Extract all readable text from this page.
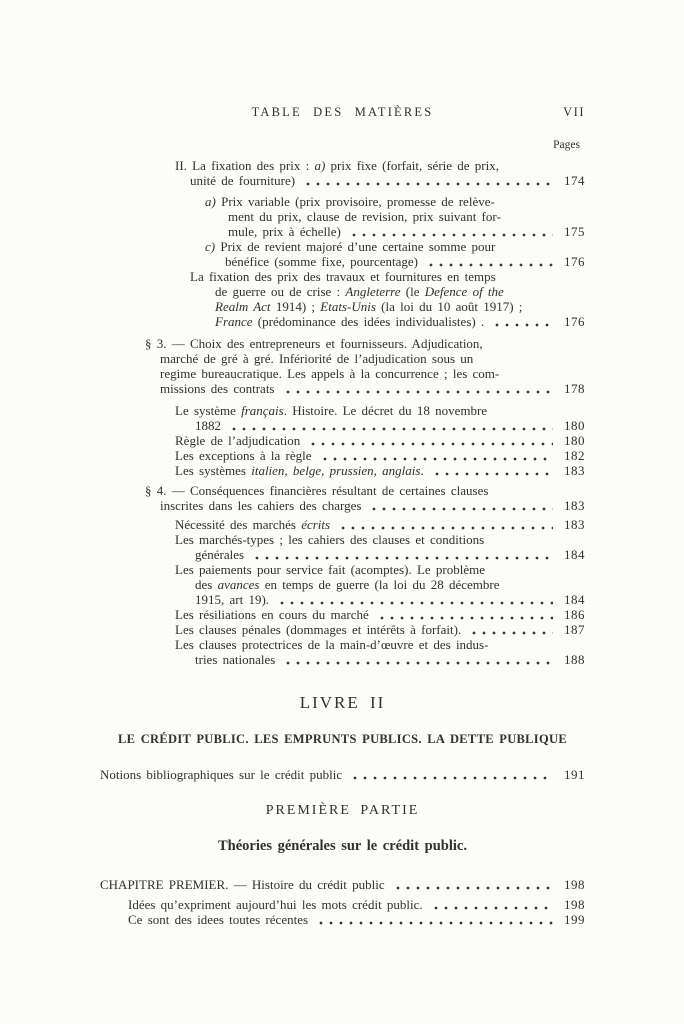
TABLE DES MATIÈRES	VII
Pages
II. La fixation des prix : a) prix fixe (forfait, série de prix,
unité de fourniture)	174
a) Prix variable (prix provisoire, promesse de relève-
ment du prix, clause de revision, prix suivant for-
mule, prix à échelle)	175
c) Prix de revient majoré d’une certaine somme pour
bénéfice (somme fixe, pourcentage)	176
La fixation des prix des travaux et fournitures en temps
de guerre ou de crise : Angleterre (le Defence of the
Realm Act 1914) ; Etats-Unis (la loi du 10 août 1917) ;
France (prédominance des idées individualistes) .	176
§ 3. — Choix des entrepreneurs et fournisseurs. Adjudication,
marché de gré à gré. Infériorité de l’adjudication sous un
regime bureaucratique. Les appels à la concurrence ; les com-
missions des contrats	178
Le système français. Histoire. Le décret du 18 novembre
1882	180
Règle de l’adjudication	180
Les exceptions à la règle	182
Les systèmes italien, belge, prussien, anglais.	183
§ 4. — Conséquences financières résultant de certaines clauses
inscrites dans les cahiers des charges	183
Nécessité des marchés écrits	183
Les marchés-types ; les cahiers des clauses et conditions
générales	184
Les paiements pour service fait (acomptes). Le problème
des avances en temps de guerre (la loi du 28 décembre
1915, art 19).	184
Les résiliations en cours du marché	186
Les clauses pénales (dommages et intérêts à forfait).	187
Les clauses protectrices de la main-d’œuvre et des indus-
tries nationales	188
LIVRE II
LE CRÉDIT PUBLIC. LES EMPRUNTS PUBLICS. LA DETTE PUBLIQUE
Notions bibliographiques sur le crédit public	191
PREMIÈRE PARTIE
Théories générales sur le crédit public.
CHAPITRE PREMIER. — Histoire du crédit public	198
Idées qu’expriment aujourd’hui les mots crédit public.	198
Ce sont des idees toutes récentes	199
